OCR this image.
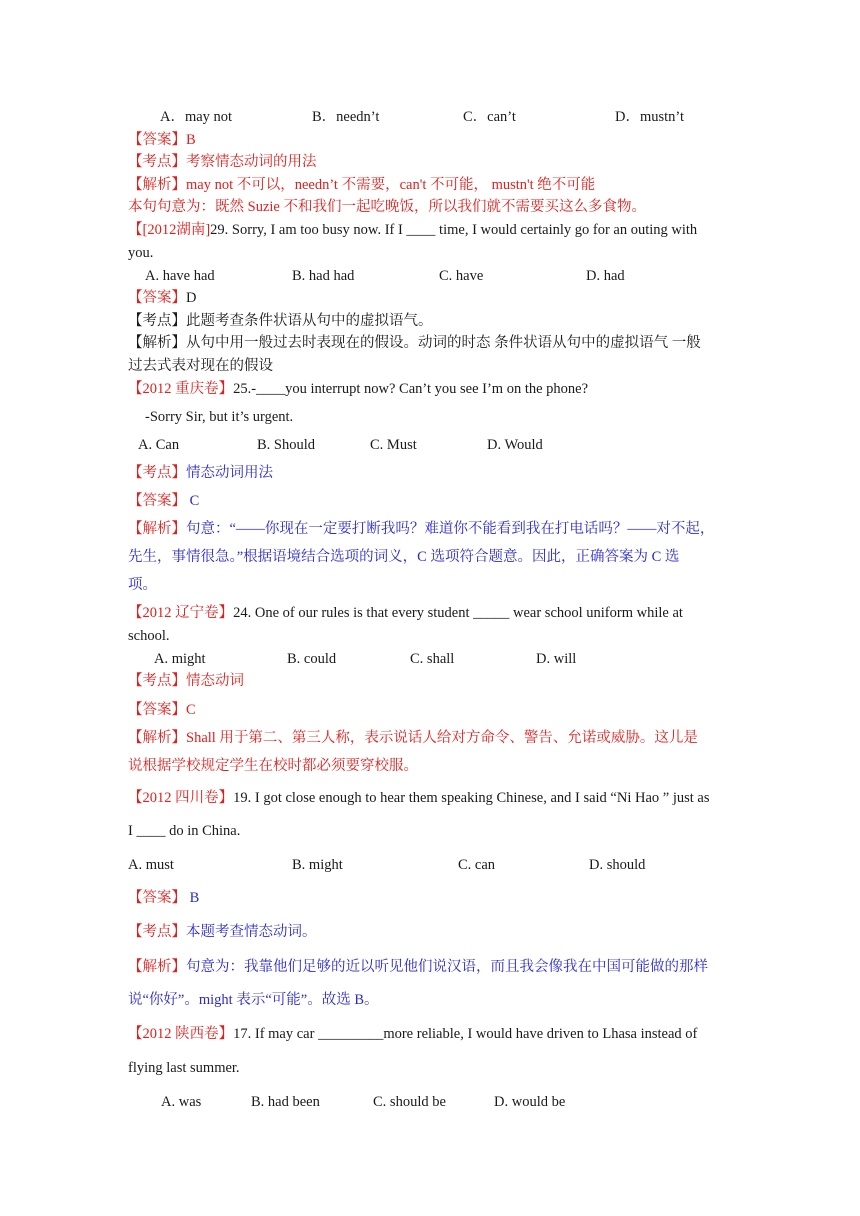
A．may not	B．needn’t	C．can’t	D．mustn’t
【答案】B
【考点】考察情态动词的用法
【解析】may not 不可以，needn’t 不需要，can't 不可能， mustn't 绝不可能
本句句意为：既然 Suzie 不和我们一起吃晚饭，所以我们就不需要买这么多食物。
【[2012湖南]29. Sorry, I am too busy now. If I ____ time, I would certainly go for an outing with
you.
A. have had	B. had had	C. have	D. had
【答案】D
【考点】此题考查条件状语从句中的虚拟语气。
【解析】从句中用一般过去时表现在的假设。动词的时态 条件状语从句中的虚拟语气 一般
过去式表对现在的假设
【2012 重庆卷】25.-____you interrupt now? Can’t you see I’m on the phone?
-Sorry Sir, but it’s urgent.
A. Can	B. Should	C. Must	D. Would
【考点】情态动词用法
【答案】 C
【解析】句意：“——你现在一定要打断我吗？难道你不能看到我在打电话吗？——对不起，
先生，事情很急。”根据语境结合选项的词义，C 选项符合题意。因此，正确答案为 C 选
项。
【2012 辽宁卷】24. One of our rules is that every student _____ wear school uniform while at
school.
A. might	B. could	C. shall	D. will
【考点】情态动词
【答案】C
【解析】Shall 用于第二、第三人称，表示说话人给对方命令、警告、允诺或威胁。这儿是
说根据学校规定学生在校时都必须要穿校服。
【2012 四川卷】19. I got close enough to hear them speaking Chinese, and I said “Ni Hao ” just as
I ____ do in China.
A. must	B. might	C. can	D. should
【答案】 B
【考点】本题考查情态动词。
【解析】句意为：我靠他们足够的近以听见他们说汉语，而且我会像我在中国可能做的那样
说“你好”。might 表示“可能”。故选 B。
【2012 陕西卷】17. If may car _________more reliable, I would have driven to Lhasa instead of
flying last summer.
A. was	B. had been	C. should be	D. would be
